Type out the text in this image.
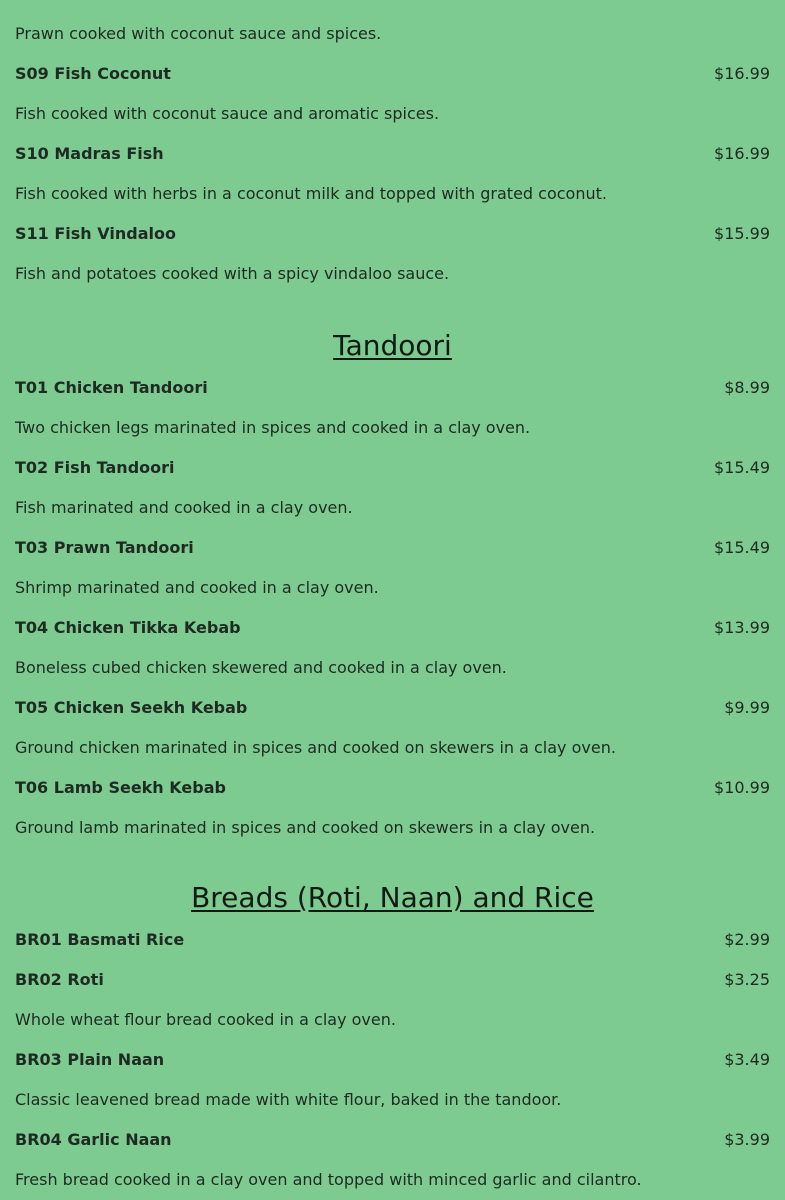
Prawn cooked with coconut sauce and spices.
S09 Fish Coconut	$16.99
Fish cooked with coconut sauce and aromatic spices.
S10 Madras Fish	$16.99
Fish cooked with herbs in a coconut milk and topped with grated coconut.
S11 Fish Vindaloo	$15.99
Fish and potatoes cooked with a spicy vindaloo sauce.
Tandoori
T01 Chicken Tandoori	$8.99
Two chicken legs marinated in spices and cooked in a clay oven.
T02 Fish Tandoori	$15.49
Fish marinated and cooked in a clay oven.
T03 Prawn Tandoori	$15.49
Shrimp marinated and cooked in a clay oven.
T04 Chicken Tikka Kebab	$13.99
Boneless cubed chicken skewered and cooked in a clay oven.
T05 Chicken Seekh Kebab	$9.99
Ground chicken marinated in spices and cooked on skewers in a clay oven.
T06 Lamb Seekh Kebab	$10.99
Ground lamb marinated in spices and cooked on skewers in a clay oven.
Breads (Roti, Naan) and Rice
BR01 Basmati Rice	$2.99
BR02 Roti	$3.25
Whole wheat flour bread cooked in a clay oven.
BR03 Plain Naan	$3.49
Classic leavened bread made with white flour, baked in the tandoor.
BR04 Garlic Naan	$3.99
Fresh bread cooked in a clay oven and topped with minced garlic and cilantro.
